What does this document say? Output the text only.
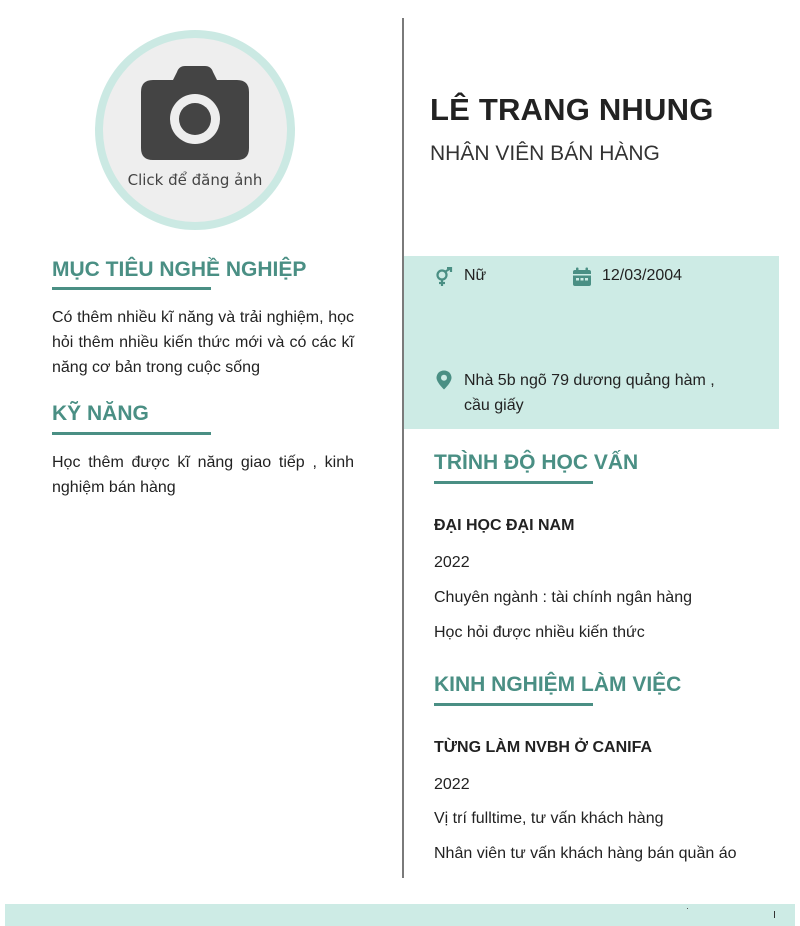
Click để đăng ảnh
MỤC TIÊU NGHỀ NGHIỆP

Có thêm nhiều kĩ năng và trải nghiệm, học hỏi thêm nhiều kiến thức mới và có các kĩ năng cơ bản trong cuộc sống

KỸ NĂNG

Học thêm được kĩ năng giao tiếp , kinh nghiệm bán hàng

LÊ TRANG NHUNG

NHÂN VIÊN BÁN HÀNG

Nữ	12/03/2004
Nhà 5b ngõ 79 dương quảng hàm ,
cầu giấy
TRÌNH ĐỘ HỌC VẤN

ĐẠI HỌC ĐẠI NAM

2022

Chuyên ngành : tài chính ngân hàng

Học hỏi được nhiều kiến thức

KINH NGHIỆM LÀM VIỆC

TỪNG LÀM NVBH Ở CANIFA

2022

Vị trí fulltime, tư vấn khách hàng

Nhân viên tư vấn khách hàng bán quần áo
